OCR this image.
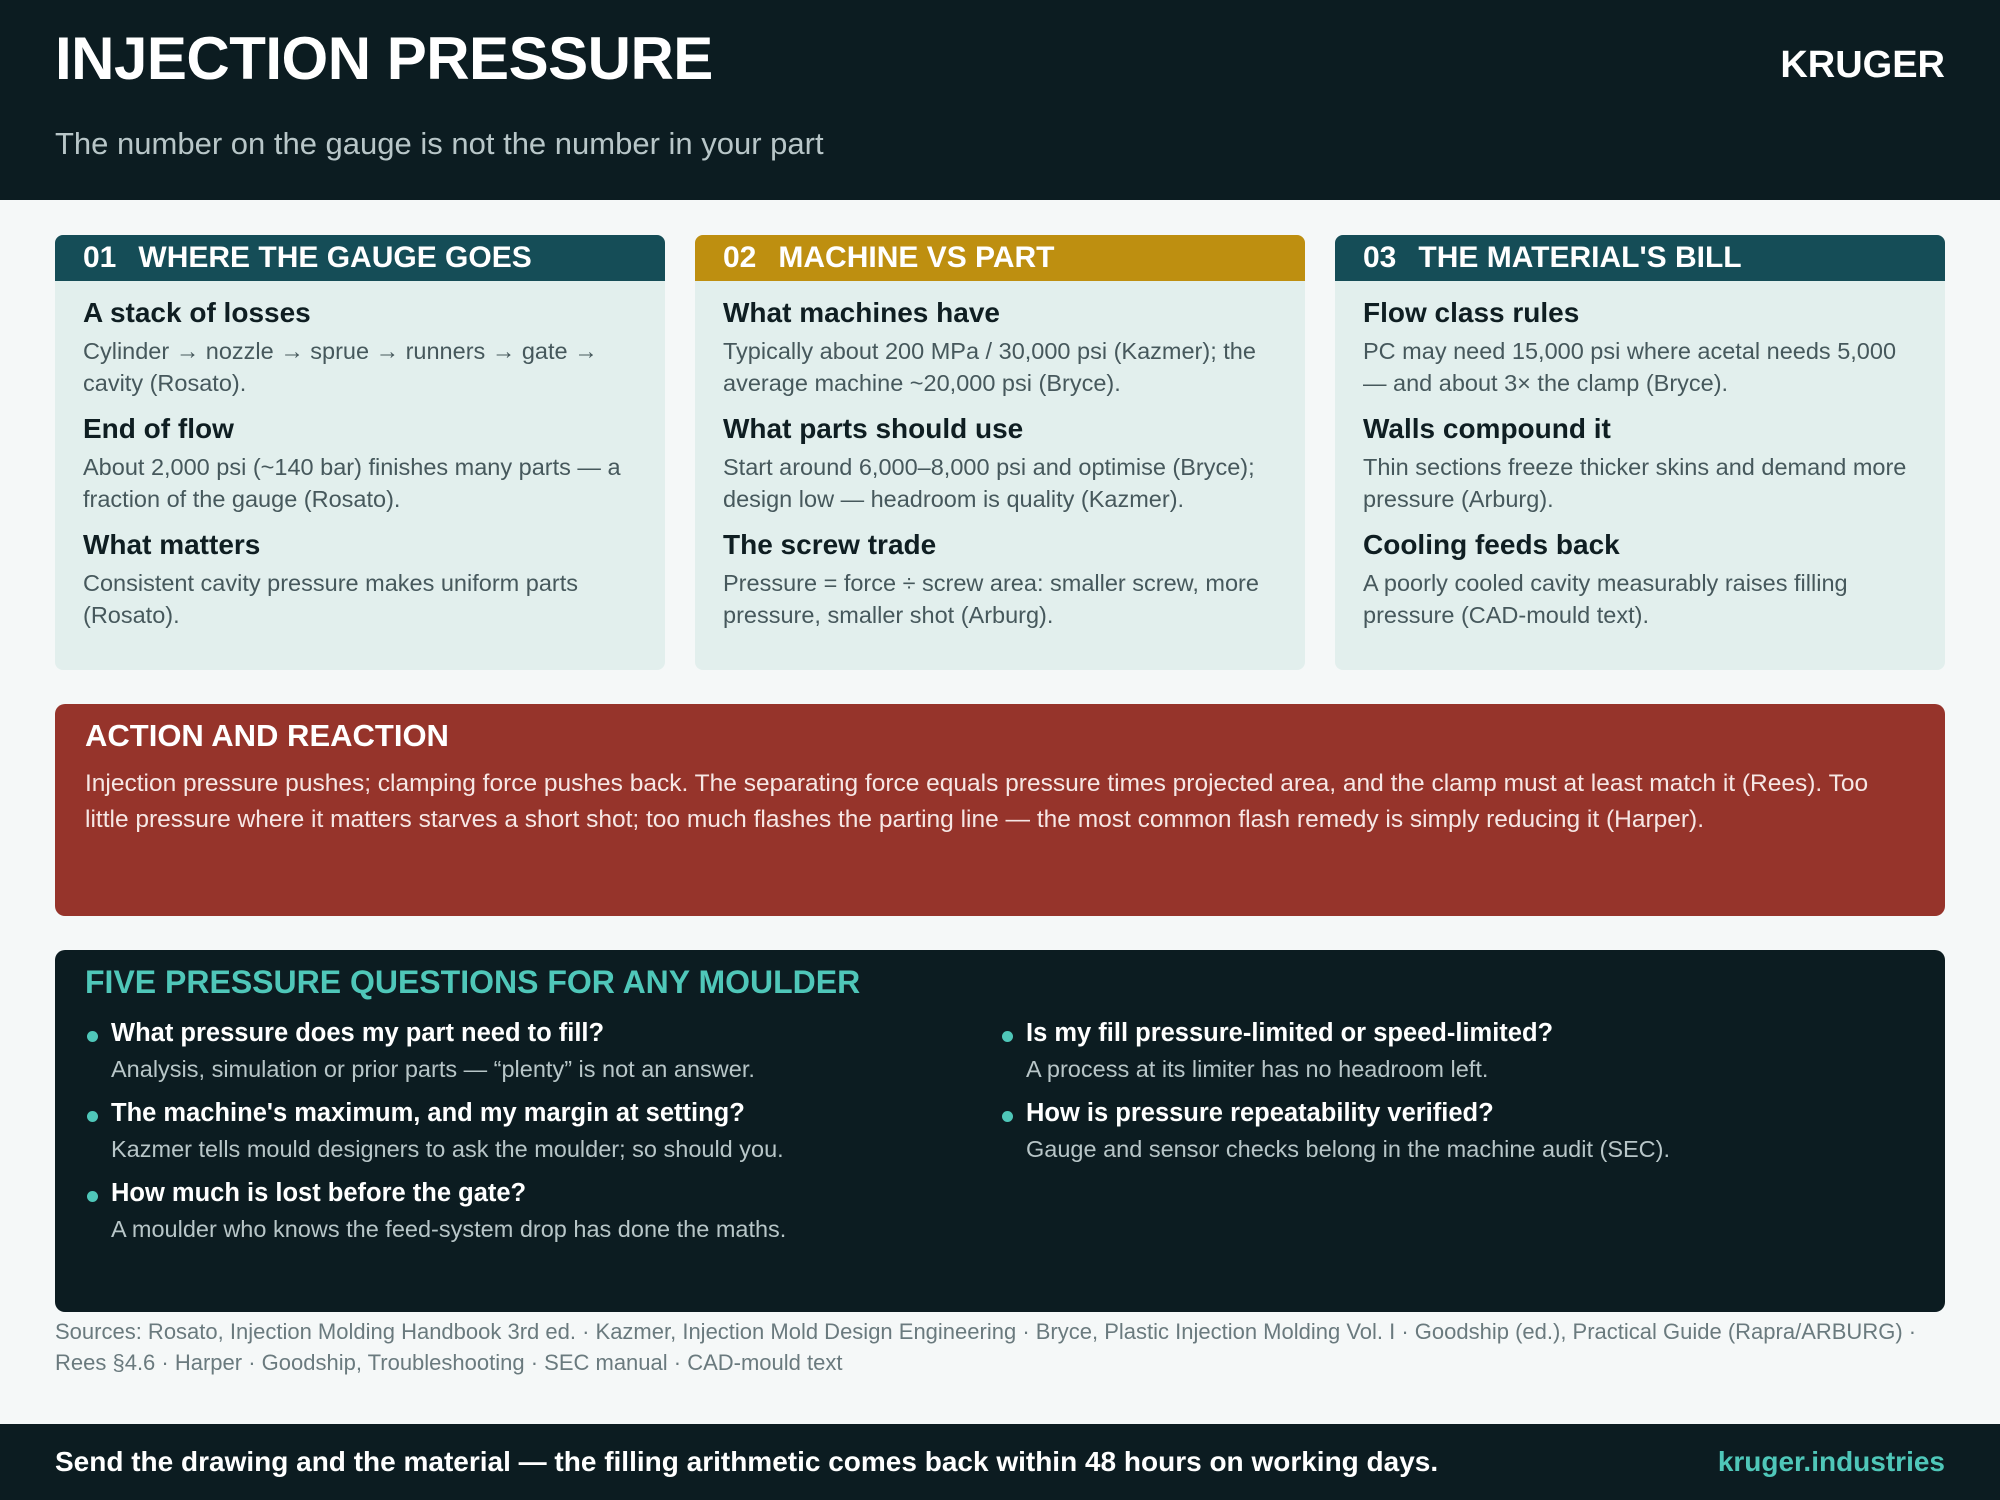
INJECTION PRESSURE	KRUGER
The number on the gauge is not the number in your part
01 WHERE THE GAUGE GOES
A stack of losses
Cylinder → nozzle → sprue → runners → gate → cavity (Rosato).
End of flow
About 2,000 psi (~140 bar) finishes many parts — a fraction of the gauge (Rosato).
What matters
Consistent cavity pressure makes uniform parts (Rosato).
02 MACHINE VS PART
What machines have
Typically about 200 MPa / 30,000 psi (Kazmer); the average machine ~20,000 psi (Bryce).
What parts should use
Start around 6,000–8,000 psi and optimise (Bryce); design low — headroom is quality (Kazmer).
The screw trade
Pressure = force ÷ screw area: smaller screw, more pressure, smaller shot (Arburg).
03 THE MATERIAL'S BILL
Flow class rules
PC may need 15,000 psi where acetal needs 5,000 — and about 3× the clamp (Bryce).
Walls compound it
Thin sections freeze thicker skins and demand more pressure (Arburg).
Cooling feeds back
A poorly cooled cavity measurably raises filling pressure (CAD-mould text).
ACTION AND REACTION
Injection pressure pushes; clamping force pushes back. The separating force equals pressure times projected area, and the clamp must at least match it (Rees). Too little pressure where it matters starves a short shot; too much flashes the parting line — the most common flash remedy is simply reducing it (Harper).
FIVE PRESSURE QUESTIONS FOR ANY MOULDER
What pressure does my part need to fill?
Analysis, simulation or prior parts — “plenty” is not an answer.
The machine's maximum, and my margin at setting?
Kazmer tells mould designers to ask the moulder; so should you.
How much is lost before the gate?
A moulder who knows the feed-system drop has done the maths.
Is my fill pressure-limited or speed-limited?
A process at its limiter has no headroom left.
How is pressure repeatability verified?
Gauge and sensor checks belong in the machine audit (SEC).
Sources: Rosato, Injection Molding Handbook 3rd ed. · Kazmer, Injection Mold Design Engineering · Bryce, Plastic Injection Molding Vol. I · Goodship (ed.), Practical Guide (Rapra/ARBURG) · Rees §4.6 · Harper · Goodship, Troubleshooting · SEC manual · CAD-mould text
Send the drawing and the material — the filling arithmetic comes back within 48 hours on working days.	kruger.industries
